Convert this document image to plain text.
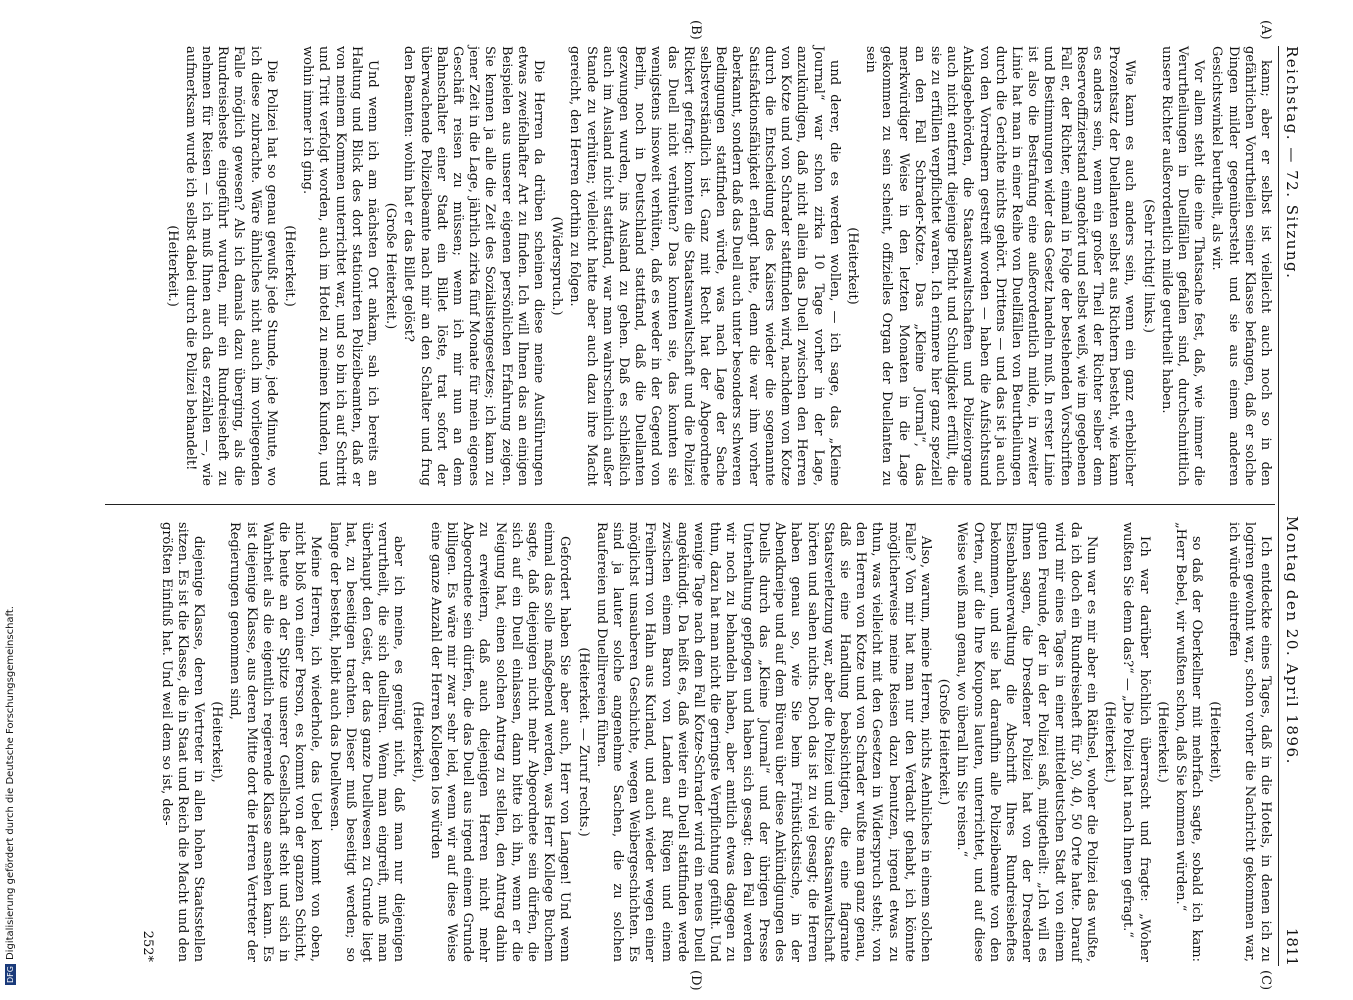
Reichstag. — 72. Sitzung.
Montag den 20. April 1896.
1811
(A)
(B)
(C)
(D)

kann; aber er selbst ist vielleicht auch noch so in den gefährlichen Vorurtheilen seiner Klasse befangen, daß er solche Dingen milder gegenübersteht und sie aus einem anderen Gesichtswinkel beurtheilt, als wir.

Vor allem steht die eine Thatsache fest, daß, wie immer die Verurtheilungen in Duellfällen gefallen sind, durchschnittlich unsere Richter außerordentlich milde geurtheilt haben.

(Sehr richtig! links.)

Wie kann es auch anders sein, wenn ein ganz erheblicher Prozentsatz der Duellanten selbst aus Richtern besteht, wie kann es anders sein, wenn ein großer Theil der Richter selber dem Reserveoffizierstand angehört und selbst weiß, wie im gegebenen Fall er, der Richter, einmal in Folge der bestehenden Vorschriften und Bestimmungen wider das Gesetz handeln muß. In erster Linie ist also die Bestrafung eine außerordentlich milde, in zweiter Linie hat man in einer Reihe von Duellfällen von Beurtheilungen durch die Gerichte nichts gehört. Drittens — und das ist ja auch von den Vorrednern gestreift worden — haben die Aufsichtsund Anklagebehörden, die Staatsanwaltschaften und Polizeiorgane auch nicht entfernt diejenige Pflicht und Schuldigkeit erfüllt, die sie zu erfüllen verpflichtet waren. Ich erinnere hier ganz speziell an den Fall Schrader-Kotze. Das „Kleine Journal“, das merkwürdiger Weise in den letzten Monaten in die Lage gekommen zu sein scheint, offizielles Organ der Duellanten zu sein

(Heiterkeit)

und derer, die es werden wollen, — ich sage, das „Kleine Journal“ war schon zirka 10 Tage vorher in der Lage, anzukündigen, daß nicht allein das Duell zwischen den Herren von Kotze und von Schrader stattfinden wird, nachdem von Kotze durch die Entscheidung des Kaisers wieder die sogenannte Satisfaktionsfähigkeit erlangt hatte, denn die war ihm vorher aberkannt, sondern daß das Duell auch unter besonders schweren Bedingungen stattfinden würde, was nach Lage der Sache selbstverständlich ist. Ganz mit Recht hat der Abgeordnete Rickert gefragt: konnten die Staatsanwaltschaft und die Polizei das Duell nicht verhüten? Das konnten sie, das konnten sie wenigstens insoweit verhüten, daß es weder in der Gegend von Berlin, noch in Deutschland stattfand, daß die Duellanten gezwungen wurden, ins Ausland zu gehen. Daß es schließlich auch im Ausland nicht stattfand, war man wahrscheinlich außer Stande zu verhüten; vielleicht hatte aber auch dazu ihre Macht gereicht, den Herren dorthin zu folgen.

(Widerspruch.)

Die Herren da drüben scheinen diese meine Ausführungen etwas zweifelhafter Art zu finden. Ich will Ihnen das an einigen Beispielen aus unserer eigenen persönlichen Erfahrung zeigen. Sie kennen ja alle die Zeit des Sozialistengesetzes; ich kann zu jener Zeit in die Lage, jährlich zirka fünf Monate für mein eigenes Geschäft reisen zu müssen; wenn ich mir nun an dem Bahnschalter einer Stadt ein Billet löste, trat sofort der überwachende Polizeibeamte nach mir an den Schalter und frug den Beamten: wohin hat er das Billet gelöst?

(Große Heiterkeit.)

Und wenn ich am nächsten Ort ankam, sah ich bereits an Haltung und Blick des dort stationirten Polizeibeamten, daß er von meinem Kommen unterrichtet war, und so bin ich auf Schritt und Tritt verfolgt worden, auch im Hotel zu meinen Kunden, und wohin immer ich ging.

(Heiterkeit.)

Die Polizei hat so genau gewußt jede Stunde, jede Minute, wo ich diese zubrachte. Wäre ähnliches nicht auch im vorliegenden Falle möglich gewesen? Als ich damals dazu überging, als die Rundreiseheste eingeführt wurden, mir ein Rundreiseheft zu nehmen für Reisen — ich muß Ihnen auch das erzählen —, wie aufmerksam wurde ich selbst dabei durch die Polizei behandelt!

(Heiterkeit.)

Ich entdeckte eines Tages, daß in die Hotels, in denen ich zu logiren gewohnt war, schon vorher die Nachricht gekommen war, ich würde eintreffen

(Heiterkeit),

so daß der Oberkellner mit mehrfach sagte, sobald ich kam: „Herr Bebel, wir wußten schon, daß Sie kommen würden.“

(Heiterkeit.)

Ich war darüber höchlich überrascht und fragte: „Woher wußten Sie denn das?“ — „Die Polizei hat nach Ihnen gefragt.“

(Heiterkeit.)

Nun war es mir aber ein Räthsel, woher die Polizei das wußte, da ich doch ein Rundreiseheft für 30, 40, 50 Orte hatte. Darauf wird mir eines Tages in einer mitteldeutschen Stadt von einem guten Freunde, der in der Polizei saß, mitgetheilt: „Ich will es Ihnen sagen, die Dresdener Polizei hat von der Dresdener Eisenbahnverwaltung die Abschrift Ihres Rundreiseheftes bekommen, und sie hat daraufhin alle Polizeibeamte von den Orten, auf die Ihre Koupons lauten, unterrichtet, und auf diese Weise weiß man genau, wo überall hin Sie reisen.“

(Große Heiterkeit.)

Also, warum, meine Herren, nichts Aehnliches in einem solchen Falle? Von mir hat man nur den Verdacht gehabt, ich könnte möglicherweise meine Reisen dazu benutzen, irgend etwas zu thun, was vielleicht mit den Gesetzen in Widerspruch steht; von den Herren von Kotze und von Schrader wußte man ganz genau, daß sie eine Handlung beabsichtigten, die eine flagrante Staatsverletzung war, aber die Polizei und die Staatsanwaltschaft hörten und sahen nichts. Doch das ist zu viel gesagt; die Herren haben genau so, wie Sie beim Frühstückstische, in der Abendkneipe und auf dem Büreau über diese Ankündigungen des Duells durch das „Kleine Journal“ und der übrigen Presse Unterhaltung gepflogen und haben sich gesagt: den Fall werden wir noch zu behandeln haben, aber amtlich etwas dagegen zu thun, dazu hat man nicht die geringste Verpflichtung gefühlt. Und wenige Tage nach dem Fall Kotze-Schrader wird ein neues Duell angekündigt. Da heißt es, daß weiter ein Duell stattfinden werde zwischen einem Baron von Landen auf Rügen und einem Freiherrn von Hahn aus Kurland, und auch wieder wegen einer möglichst unsauberen Geschichte, wegen Weibergeschichten. Es sind ja lauter solche angenehme Sachen, die zu solchen Raufereien und Duellirereien führen.

(Heiterkeit. — Zuruf rechts.)

Gefordert haben Sie aber auch, Herr von Langen! Und wenn einmal das solle maßgebend werden, was Herr Kollege Buchem sagte, daß diejenigen nicht mehr Abgeordnete sein dürfen, die sich auf ein Duell einlassen, dann bitte ich ihn, wenn er die Neigung hat, einen solchen Antrag zu stellen, den Antrag dahin zu erweitern, daß auch diejenigen Herren nicht mehr Abgeordnete sein dürfen, die das Duell aus irgend einem Grunde billigen. Es wäre mir zwar sehr leid, wenn wir auf diese Weise eine ganze Anzahl der Herren Kollegen los würden

(Heiterkeit),

aber ich meine, es genügt nicht, daß man nur diejenigen verurtheilt, die sich duelliren. Wenn man eingreift, muß man überhaupt den Geist, der das ganze Duellwesen zu Grunde liegt hat, zu beseitigen trachten. Dieser muß beseitigt werden; so lange der besteht, bleibt auch das Duellwesen.

Meine Herren, ich wiederhole, das Uebel kommt von oben, nicht bloß von einer Person, es kommt von der ganzen Schicht, die heute an der Spitze unserer Gesellschaft steht und sich in Wahrheit als die eigentlich regierende Klasse ansehen kann. Es ist diejenige Klasse, aus deren Mitte dort die Herren Vertreter der Regierungen genommen sind,

(Heiterkeit),

diejenige Klasse, deren Vertreter in allen hohen Staatsstellen sitzen. Es ist die Klasse, die in Staat und Reich die Macht und den größten Einfluß hat. Und weil dem so ist, des-

252*

DFGDigitalisierung gefördert durch die Deutsche Forschungsgemeinschaft.
